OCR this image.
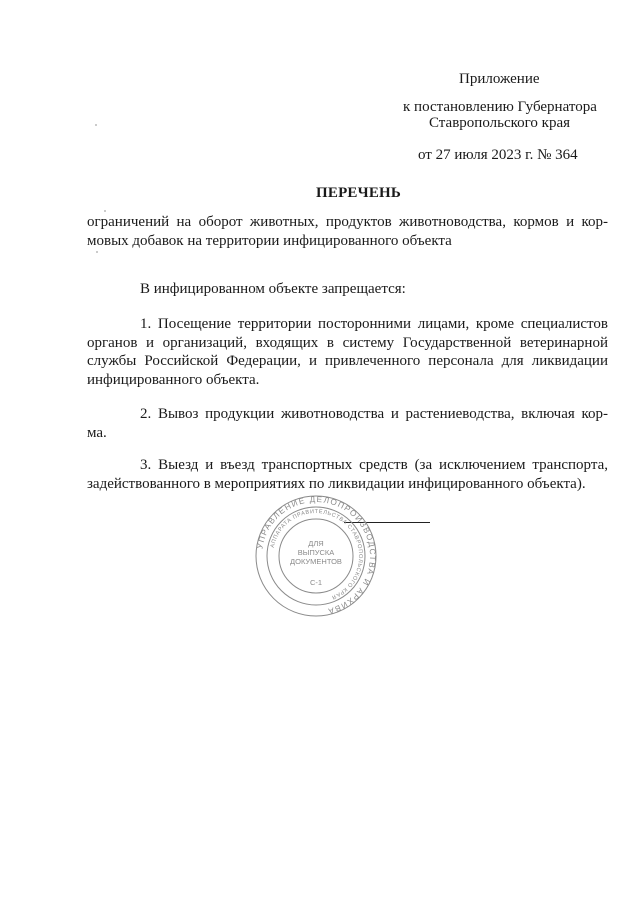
Приложение

к постановлению Губернатора

Ставропольского края

от 27 июля 2023 г. № 364

ПЕРЕЧЕНЬ

ограничений на оборот животных, продуктов животноводства, кормов и кор-
мовых добавок на территории инфицированного объекта

В инфицированном объекте запрещается:

1. Посещение территории посторонними лицами, кроме специалистов
органов и организаций, входящих в систему Государственной ветеринарной
службы Российской Федерации, и привлеченного персонала для ликвидации
инфицированного объекта.
2. Вывоз продукции животноводства и растениеводства, включая кор-
ма.
3. Выезд и въезд транспортных средств (за исключением транспорта,
задействованного в мероприятиях по ликвидации инфицированного объекта).
УПРАВЛЕНИЕ ДЕЛОПРОИЗВОДСТВА И АРХИВА
АППАРАТА ПРАВИТЕЛЬСТВА СТАВРОПОЛЬСКОГО КРАЯ
ДЛЯ
ВЫПУСКА
ДОКУМЕНТОВ
С-1
